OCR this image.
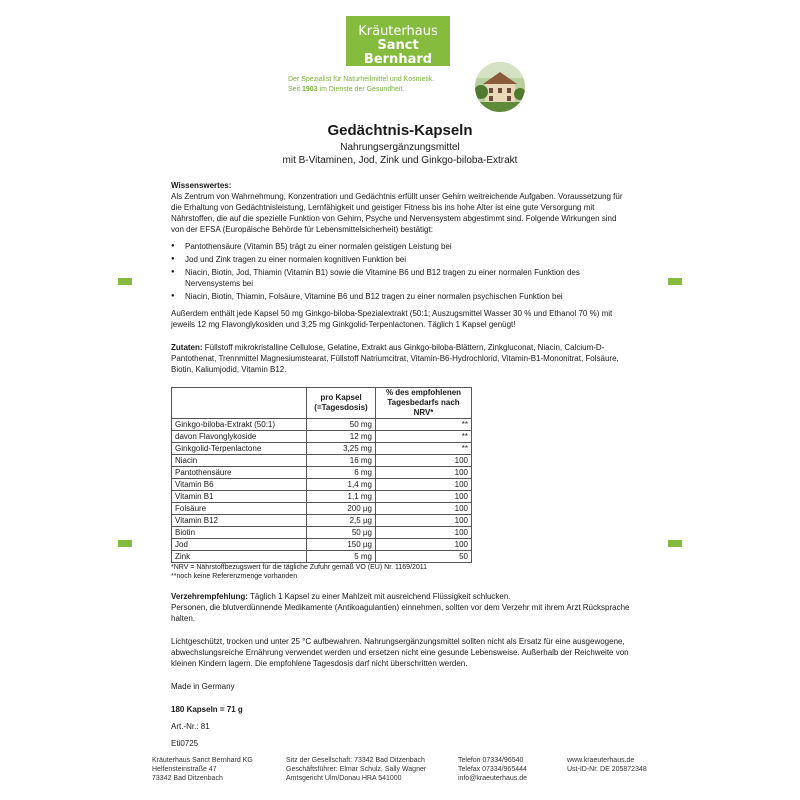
Kräuterhaus
Sanct Bernhard
Der Spezialist für Naturheilmittel und Kosmetik.
Seit 1903 im Dienste der Gesundheit.
Gedächtnis-Kapseln
Nahrungsergänzungsmittel
mit B-Vitaminen, Jod, Zink und Ginkgo-biloba-Extrakt

Wissenswertes:

Als Zentrum von Wahrnehmung, Konzentration und Gedächtnis erfüllt unser Gehirn weitreichende Aufgaben. Voraussetzung für die Erhaltung von Gedächtnisleistung, Lernfähigkeit und geistiger Fitness bis ins hohe Alter ist eine gute Versorgung mit Nährstoffen, die auf die spezielle Funktion von Gehirn, Psyche und Nervensystem abgestimmt sind. Folgende Wirkungen sind von der EFSA (Europäische Behörde für Lebensmittelsicherheit) bestätigt:

● Pantothensäure (Vitamin B5) trägt zu einer normalen geistigen Leistung bei
● Jod und Zink tragen zu einer normalen kognitiven Funktion bei
● Niacin, Biotin, Jod, Thiamin (Vitamin B1) sowie die Vitamine B6 und B12 tragen zu einer normalen Funktion des Nervensystems bei
● Niacin, Biotin, Thiamin, Folsäure, Vitamine B6 und B12 tragen zu einer normalen psychischen Funktion bei

Außerdem enthält jede Kapsel 50 mg Ginkgo-biloba-Spezialextrakt (50:1; Auszugsmittel Wasser 30 % und Ethanol 70 %) mit jeweils 12 mg Flavonglykosiden und 3,25 mg Ginkgolid-Terpenlactonen. Täglich 1 Kapsel genügt!

Zutaten: Füllstoff mikrokristalline Cellulose, Gelatine, Extrakt aus Ginkgo-biloba-Blättern, Zinkgluconat, Niacin, Calcium-D-Pantothenat, Trennmittel Magnesiumstearat, Füllstoff Natriumcitrat, Vitamin-B6-Hydrochlorid, Vitamin-B1-Mononitrat, Folsäure, Biotin, Kaliumjodid, Vitamin B12.

	pro Kapsel
(=Tagesdosis)	% des empfohlenen
Tagesbedarfs nach NRV*
Ginkgo-biloba-Extrakt (50:1)	50 mg	**
davon Flavonglykoside	12 mg	**
Ginkgolid-Terpenlactone	3,25 mg	**
Niacin	16 mg	100
Pantothensäure	6 mg	100
Vitamin B6	1,4 mg	100
Vitamin B1	1,1 mg	100
Folsäure	200 µg	100
Vitamin B12	2,5 µg	100
Biotin	50 µg	100
Jod	150 µg	100
Zink	5 mg	50
*NRV = Nährstoffbezugswert für die tägliche Zufuhr gemäß VO (EU) Nr. 1169/2011
**noch keine Referenzmenge vorhanden

Verzehrempfehlung: Täglich 1 Kapsel zu einer Mahlzeit mit ausreichend Flüssigkeit schlucken.

Personen, die blutverdünnende Medikamente (Antikoagulantien) einnehmen, sollten vor dem Verzehr mit ihrem Arzt Rücksprache halten.

Lichtgeschützt, trocken und unter 25 °C aufbewahren. Nahrungsergänzungsmittel sollten nicht als Ersatz für eine ausgewogene, abwechslungsreiche Ernährung verwendet werden und ersetzen nicht eine gesunde Lebensweise. Außerhalb der Reichweite von kleinen Kindern lagern. Die empfohlene Tagesdosis darf nicht überschritten werden.

Made in Germany

180 Kapseln = 71 g

Art.-Nr.: 81

Eti0725

Kräuterhaus Sanct Bernhard KG
Helfensteinstraße 47
73342 Bad Ditzenbach
Sitz der Gesellschaft: 73342 Bad Ditzenbach
Geschäftsführer: Elmar Schulz, Sally Wagner
Amtsgericht Ulm/Donau HRA 541000
Telefon 07334/96540
Telefax 07334/965444
info@kraeuterhaus.de
www.kraeuterhaus.de
Ust-ID-Nr. DE 205872348
